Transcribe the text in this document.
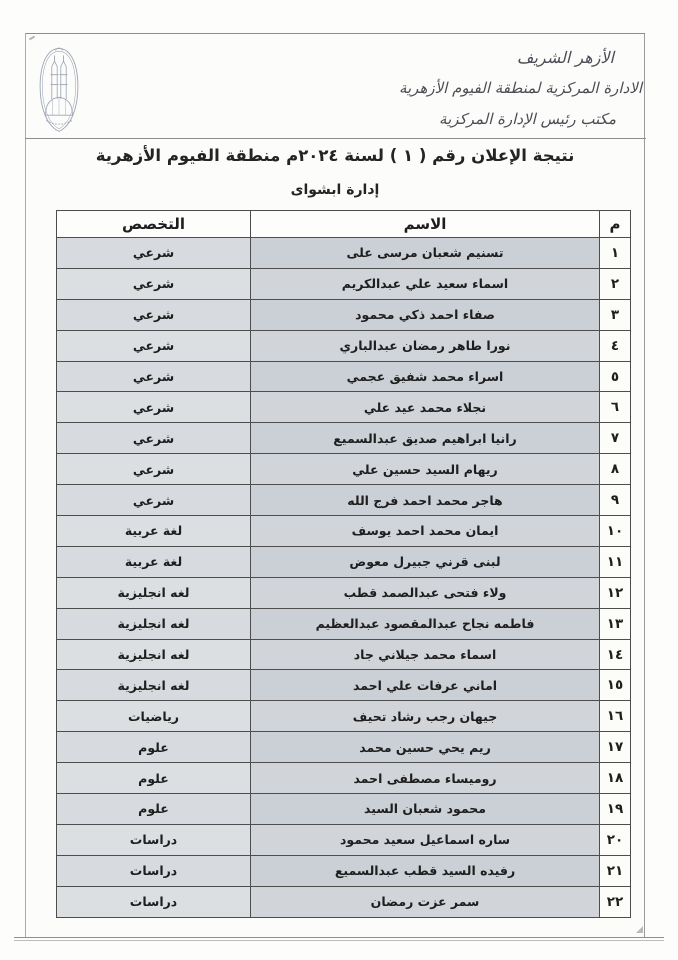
الأزهر الشريف
الادارة المركزية لمنطقة الفيوم الأزهرية
مكتب رئيس الإدارة المركزية
نتيجة الإعلان رقم ( ١ ) لسنة ٢٠٢٤م منطقة الفيوم الأزهرية
إدارة ابشواى
م	الاسم	التخصص
١	تسنيم شعبان مرسى على	شرعي
٢	اسماء سعيد علي عبدالكريم	شرعي
٣	صفاء احمد ذكي محمود	شرعي
٤	نورا طاهر رمضان عبدالباري	شرعي
٥	اسراء محمد شفيق عجمي	شرعي
٦	نجلاء محمد عيد علي	شرعي
٧	رانيا ابراهيم صديق عبدالسميع	شرعي
٨	ريهام السيد حسين علي	شرعي
٩	هاجر محمد احمد فرج الله	شرعي
١٠	ايمان محمد احمد يوسف	لغة عربية
١١	لبنى قرني جبيرل معوض	لغة عربية
١٢	ولاء فتحى عبدالصمد قطب	لغه انجليزية
١٣	فاطمه نجاح عبدالمقصود عبدالعظيم	لغه انجليزية
١٤	اسماء محمد جيلاني جاد	لغه انجليزية
١٥	اماني عرفات علي احمد	لغه انجليزية
١٦	جيهان رجب رشاد تحيف	رياضيات
١٧	ريم يحي حسين محمد	علوم
١٨	روميساء مصطفى احمد	علوم
١٩	محمود شعبان السيد	علوم
٢٠	ساره اسماعيل سعيد محمود	دراسات
٢١	رفيده السيد قطب عبدالسميع	دراسات
٢٢	سمر عزت رمضان	دراسات
